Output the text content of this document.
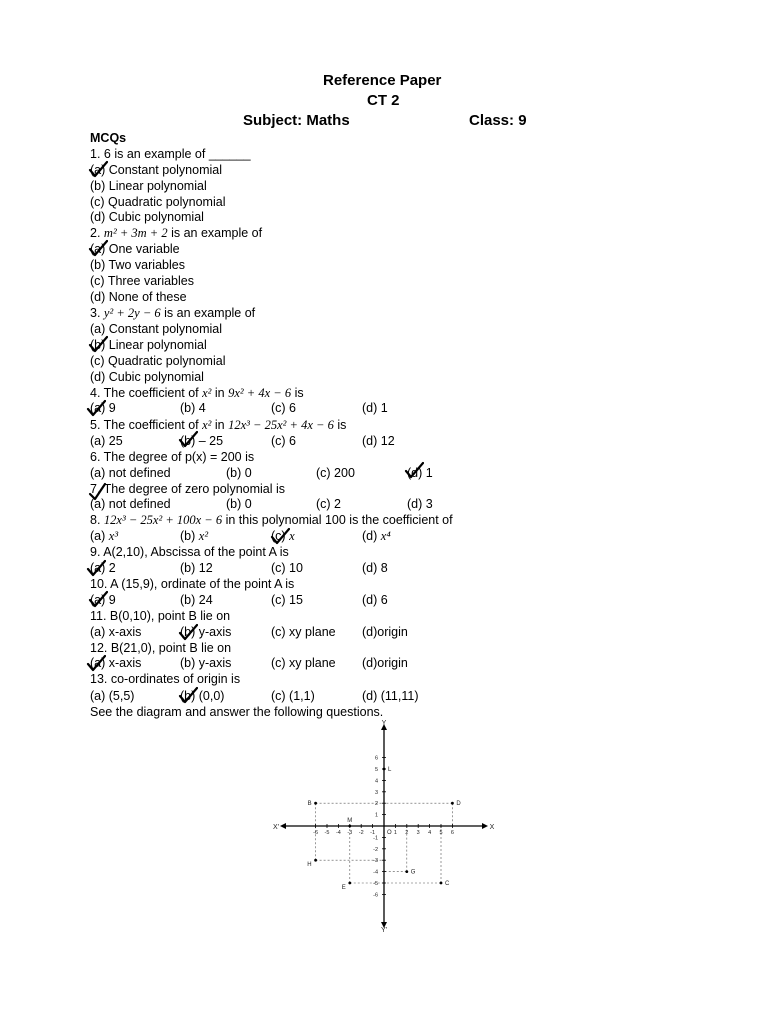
Reference Paper
CT 2
Subject: Maths	Class: 9
MCQs
1. 6 is an example of ______
(a) Constant polynomial
(b) Linear polynomial
(c) Quadratic polynomial
(d) Cubic polynomial
2. m² + 3m + 2 is an example of
(a) One variable
(b) Two variables
(c) Three variables
(d) None of these
3. y² + 2y − 6 is an example of
(a) Constant polynomial
(b) Linear polynomial
(c) Quadratic polynomial
(d) Cubic polynomial
4. The coefficient of x² in 9x² + 4x − 6 is
(a) 9	(b) 4	(c) 6	(d) 1
5. The coefficient of x² in 12x³ − 25x² + 4x − 6 is
(a) 25	(b) – 25	(c) 6	(d) 12
6. The degree of p(x) = 200 is
(a) not defined	(b) 0	(c) 200	(d) 1
7. The degree of zero polynomial is
(a) not defined	(b) 0	(c) 2	(d) 3
8. 12x³ − 25x² + 100x − 6 in this polynomial 100 is the coefficient of
(a) x³	(b) x²	(c) x	(d) x⁴
9. A(2,10), Abscissa of the point A is
(a) 2	(b) 12	(c) 10	(d) 8
10. A (15,9), ordinate of the point A is
(a) 9	(b) 24	(c) 15	(d) 6
11. B(0,10), point B lie on
(a) x-axis	(b) y-axis	(c) xy plane (d)origin
12. B(21,0), point B lie on
(a) x-axis	(b) y-axis	(c) xy plane (d)origin
13. co-ordinates of origin is
(a) (5,5)	(b) (0,0)	(c) (1,1)	(d) (11,11)
See the diagram and answer the following questions.
X
X'
Y
Y'
O
-6 -5 -4 -3 -2 -1	1 2 3 4 5 6
6
5
4
3
2
1
-1
-2
-3
-4
-5
-6
B	D
L
M
H
E
G
C
